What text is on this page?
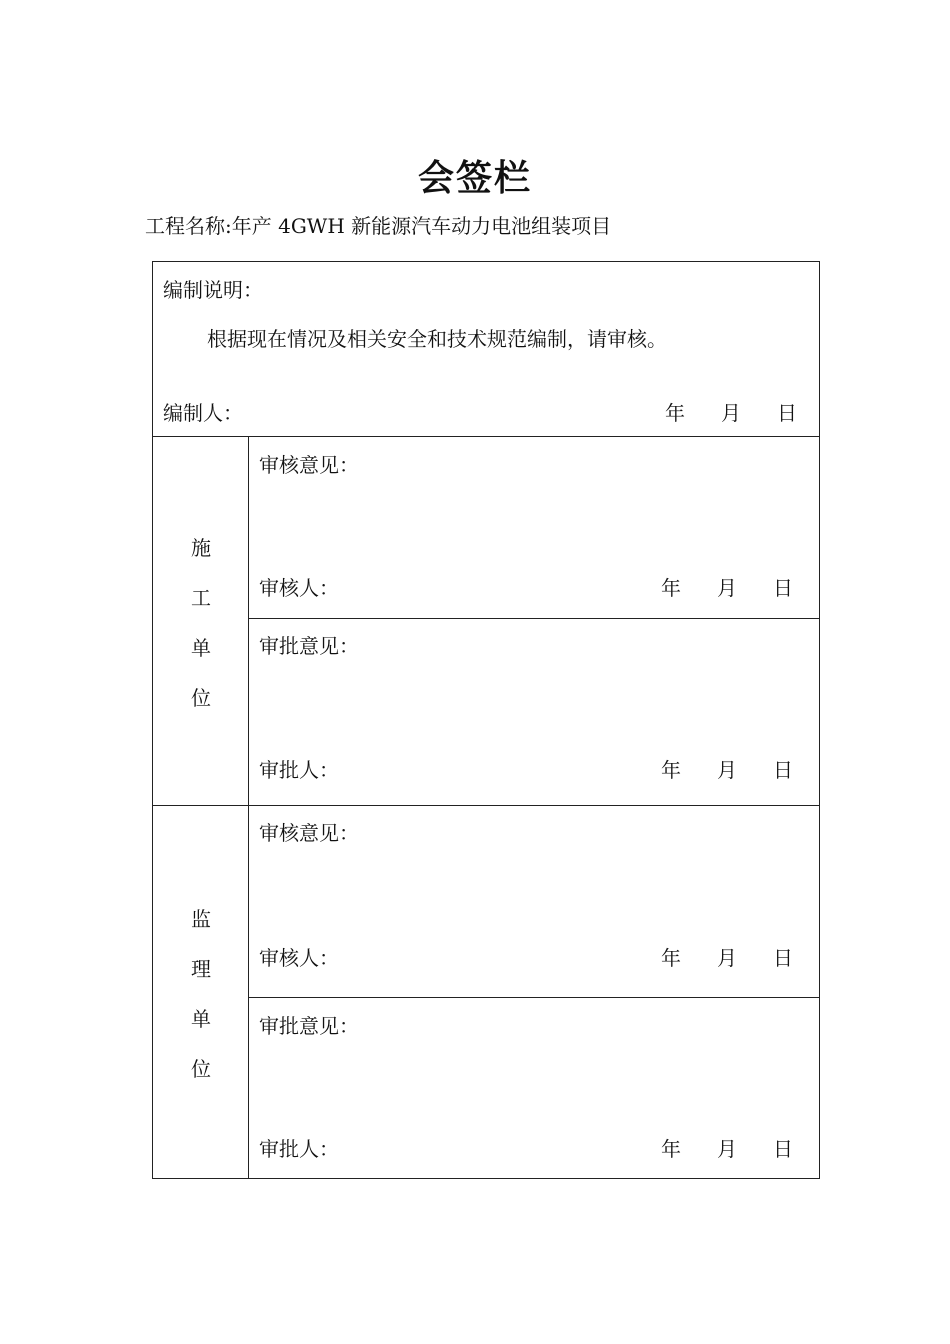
会签栏
工程名称:年产 4GWH 新能源汽车动力电池组装项目
编制说明：
根据现在情况及相关安全和技术规范编制，请审核。
编制人：	年 月 日
施
工
单
位
审核意见：
审核人：	年 月 日
审批意见：
审批人：	年 月 日
监
理
单
位
审核意见：
审核人：	年 月 日
审批意见：
审批人：	年 月 日
